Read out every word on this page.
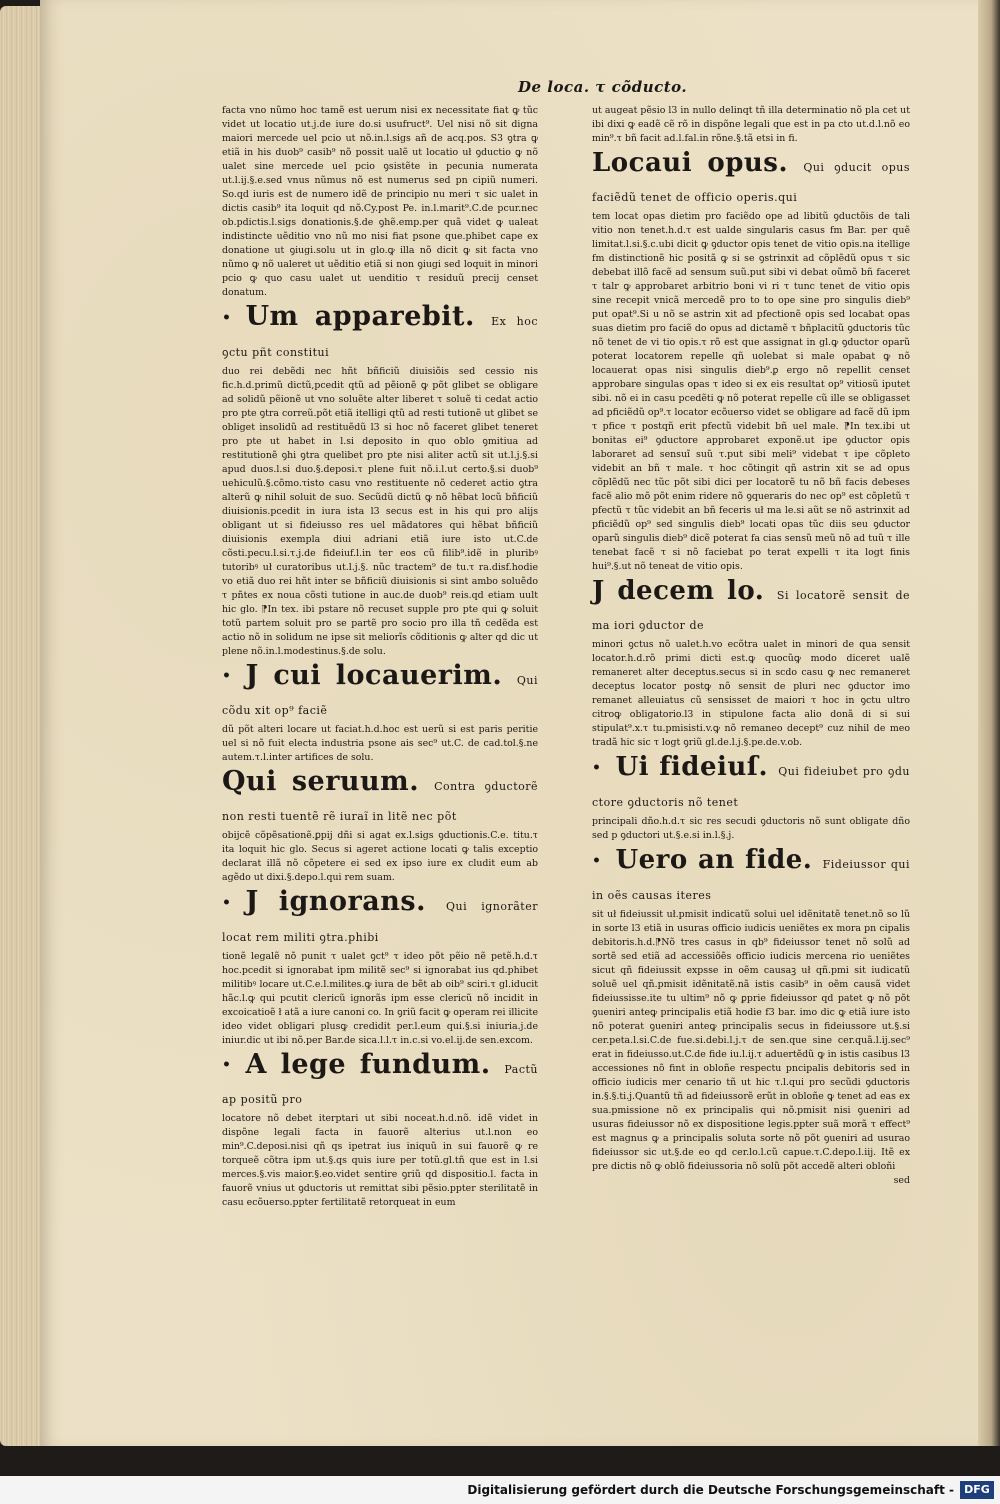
De loca. τ cõducto.

facta vno nũmo hoc tamẽ est uerum nisi ex necessitate fiat ꝙ tũc videt ut locatio ut.j.de iure do.si usufruct⁹. Uel nisi nõ sit digna maiori mercede uel pcio ut nõ.in.l.sigs añ de acq.pos. S3 ꝯtra ꝙ etiã in his duob⁹ casib⁹ nõ possit ualẽ ut locatio uł ꝯductio ꝙ nõ ualet sine mercede uel pcio ꝯsistẽte in pecunia numerata ut.l.ij.§.e.sed vnus nũmus nõ est numerus sed pn cipiũ numeri. So.qd iuris est de numero idẽ de principio nu meri τ sic ualet in dictis casib⁹ ita loquit qd nõ.Cy.post Pe. in.l.marit⁹.C.de pcur.nec ob.pdictis.l.sigs donationis.§.de ꝯhẽ.emp.per quã videt ꝙ ualeat indistincte uẽditio vno nũ mo nisi fiat psone que.phibet cape ex donatione ut ꝯiugi.solu ut in glo.ꝙ illa nõ dicit ꝙ sit facta vno nũmo ꝙ nõ ualeret ut uẽditio etiã si non ꝯiugi sed loquit in minori pcio ꝙ quo casu ualet ut uenditio τ residuũ precij censet donatum.

• Um apparebit. Ex hoc ꝯctu pñt constitui

duo rei debẽdi nec hñt bñficiũ diuisiõis sed cessio nis fic.h.d.primũ dictũ,pcedit qtũ ad pẽionẽ ꝙ põt glibet se obligare ad solidũ pẽionẽ ut vno soluẽte alter liberet τ soluẽ ti cedat actio pro pte ꝯtra correũ.põt etiã itelligi qtũ ad resti tutionẽ ut glibet se obliget insolidũ ad restituẽdũ l3 si hoc nõ faceret glibet teneret pro pte ut habet in l.si deposito in quo oblo ꝯmitiua ad restitutionẽ ꝯhi ꝯtra quelibet pro pte nisi aliter actũ sit ut.l.j.§.si apud duos.l.si duo.§.deposi.τ plene fuit nõ.i.l.ut certo.§.si duob⁹ uehiculũ.§.cõmo.τisto casu vno restituente nõ cederet actio ꝯtra alterũ ꝙ nihil soluit de suo. Secũdũ dictũ ꝙ nõ hẽbat locũ bñficiũ diuisionis.pcedit in iura ista l3 secus est in his qui pro alijs obligant ut si fideiusso res uel mãdatores qui hẽbat bñficiũ diuisionis exempla diui adriani etiã iure isto ut.C.de cõsti.pecu.l.si.τ.j.de fideiuf.l.in ter eos cũ filib⁹.idẽ in pluribꝰ tutoribꝰ uł curatoribus ut.l.j.§. nũc tractem⁹ de tu.τ ra.disf.hodie vo etiã duo rei hñt inter se bñficiũ diuisionis si sint ambo soluẽdo τ pñtes ex noua cõsti tutione in auc.de duob⁹ reis.qd etiam uult hic glo. ⁋In tex. ibi pstare nõ recuset supple pro pte qui ꝙ soluit totũ partem soluit pro se partẽ pro socio pro illa tñ cedẽda est actio nõ in solidum ne ipse sit meliorĩs cõditionis ꝙ alter qd dic ut plene nõ.in.l.modestinus.§.de solu.

• J cui locauerim. Qui cõdu xit op⁹ faciẽ

dũ põt alteri locare ut faciat.h.d.hoc est uerũ si est paris peritie uel si nõ fuit electa industria psone ais sec⁹ ut.C. de cad.tol.§.ne autem.τ.l.inter artifices de solu.

Qui seruum. Contra ꝯductorẽ non resti tuentẽ rẽ iuraĩ in litẽ nec põt

obijcẽ cõpẽsationẽ.ꝑpij dñi si agat ex.l.sigs ꝯductionis.C.e. titu.τ ita loquit hic glo. Secus si ageret actione locati ꝙ talis exceptio declarat illã nõ cõpetere ei sed ex ipso iure ex cludit eum ab agẽdo ut dixi.§.depo.l.qui rem suam.

• J ignorans. Qui ignorãter locat rem militi ꝯtra.phibi

tionẽ legalẽ nõ punit τ ualet ꝯct⁹ τ ideo põt pẽio nẽ petẽ.h.d.τ hoc.pcedit si ignorabat ipm militẽ sec⁹ si ignorabat ius qd.phibet militibꝰ locare ut.C.e.l.milites.ꝙ iura de bẽt ab oib⁹ sciri.τ gl.iducit hãc.l.ꝙ qui pcutit clericũ ignorãs ipm esse clericũ nõ incidit in excoicatioẽ ł atã a iure canoni co. In ꝯriũ facit ꝙ operam rei illicite ideo videt obligari plusꝙ credidit per.l.eum qui.§.si iniuria.j.de iniur.dic ut ibi nõ.per Bar.de sica.l.l.τ in.c.si vo.el.ij.de sen.excom.

• A lege fundum. Pactũ ap positũ pro

locatore nõ debet iterptari ut sibi noceat.h.d.nõ. idẽ videt in dispõne legali facta in fauorẽ alterius ut.l.non eo min⁹.C.deposi.nisi qñ qs ipetrat ius iniquũ in sui fauorẽ ꝙ re torqueẽ cõtra ipm ut.§.qs quis iure per totũ.gl.tñ que est in l.si merces.§.vis maior.§.eo.videt sentire ꝯriũ qd dispositio.l. facta in fauorẽ vnius ut ꝯductoris ut remittat sibi pẽsio.ppter sterilitatẽ in casu ecõuerso.ppter fertilitatẽ retorqueat in eum

ut augeat pẽsio l3 in nullo delinqt tñ illa determinatio nõ pla cet ut ibi dixi ꝙ eadẽ cẽ rõ in dispõne legali que est in pa cto ut.d.l.nõ eo min⁹.τ bñ facit ad.l.fal.in rõne.§.tã etsi in fi.

Locaui opus. Qui ꝯducit opus faciẽdũ tenet de officio operis.qui

tem locat opas dietim pro faciẽdo ope ad libitũ ꝯductõis de tali vitio non tenet.h.d.τ est ualde singularis casus fm Bar. per quẽ limitat.l.si.§.c.ubi dicit ꝙ ꝯductor opis tenet de vitio opis.na itellige fm distinctionẽ hic positã ꝙ si se ꝯstrinxit ad cõplẽdũ opus τ sic debebat illõ facẽ ad sensum suũ.put sibi vi debat oũmõ bñ faceret τ talr ꝙ approbaret arbitrio boni vi ri τ tunc tenet de vitio opis sine recepit vnicã mercedẽ pro to to ope sine pro singulis dieb⁹ put opat⁹.Si u nõ se astrin xit ad pfectionẽ opis sed locabat opas suas dietim pro faciẽ do opus ad dictamẽ τ bñplacitũ ꝯductoris tũc nõ tenet de vi tio opis.τ rõ est que assignat in gl.ꝙ ꝯductor oparũ poterat locatorem repelle qñ uolebat si male opabat ꝙ nõ locauerat opas nisi singulis dieb⁹.ꝑ ergo nõ repellit censet approbare singulas opas τ ideo si ex eis resultat op⁹ vitiosũ iputet sibi. nõ ei in casu pcedẽti ꝙ nõ poterat repelle cũ ille se obligasset ad pficiẽdũ op⁹.τ locator ecõuerso videt se obligare ad facẽ dũ ipm τ pfice τ postqñ erit pfectũ videbit bñ uel male. ⁋In tex.ibi ut bonitas ei⁹ ꝯductore approbaret exponẽ.ut ipe ꝯductor opis laboraret ad sensuĩ suũ τ.put sibi meli⁹ videbat τ ipe cõpleto videbit an bñ τ male. τ hoc cõtingit qñ astrin xit se ad opus cõplẽdũ nec tũc põt sibi dici per locatorẽ tu nõ bñ facis debeses facẽ alio mõ põt enim ridere nõ ꝯqueraris do nec op⁹ est cõpletũ τ pfectũ τ tũc videbit an bñ feceris uł ma le.si aũt se nõ astrinxit ad pficiẽdũ op⁹ sed singulis dieb⁹ locati opas tũc diis seu ꝯductor oparũ singulis dieb⁹ dicẽ poterat fa cias sensũ meũ nõ ad tuũ τ ille tenebat facẽ τ si nõ faciebat po terat expelli τ ita logt finis hui⁹.§.ut nõ teneat de vitio opis.

J decem lo. Si locatorẽ sensit de ma iori ꝯductor de

minori ꝯctus nõ ualet.h.vo ecõtra ualet in minori de qua sensit locator.h.d.rõ primi dicti est.ꝙ quocũꝙ modo diceret ualẽ remaneret alter deceptus.secus si in scdo casu ꝙ nec remaneret deceptus locator postꝙ nõ sensit de pluri nec ꝯductor imo remanet alleuiatus cũ sensisset de maiori τ hoc in ꝯctu ultro citroꝙ obligatorio.l3 in stipulone facta alio donã di si sui stipulat⁹.x.τ tu.pmisisti.v.ꝙ nõ remaneo decept⁹ cuz nihil de meo tradã hic sic τ logt ꝯriũ gl.de.l.j.§.pe.de.v.ob.

• Ui fideiuſ. Qui fideiubet pro ꝯdu ctore ꝯductoris nõ tenet

principali dño.h.d.τ sic res secudi ꝯductoris nõ sunt obligate dño sed p ꝯductori ut.§.e.si in.l.§.j.

• Uero an fide. Fideiussor qui in oẽs causas iteres

sit uł fideiussit uł.pmisit indicatũ solui uel idẽnitatẽ tenet.nõ so lũ in sorte l3 etiã in usuras officio iudicis ueniẽtes ex mora pn cipalis debitoris.h.d.⁋Nõ tres casus in qb⁹ fideiussor tenet nõ solũ ad sortẽ sed etiã ad accessiõẽs officio iudicis mercena rio ueniẽtes sicut qñ fideiussit expsse in oẽm causaꝫ uł qñ.pmi sit iudicatũ soluẽ uel qñ.pmisit idẽnitatẽ.nã istis casib⁹ in oẽm causã videt fideiussisse.ite tu ultim⁹ nõ ꝙ ꝑprie fideiussor qd patet ꝙ nõ põt ꝯueniri anteꝙ principalis etiã hodie f3 bar. imo dic ꝙ etiã iure isto nõ poterat ꝯueniri anteꝙ principalis secus in fideiussore ut.§.si cer.peta.l.si.C.de fue.si.debi.l.j.τ de sen.que sine cer.quã.l.ij.sec⁹ erat in fideiusso.ut.C.de fide iu.l.ij.τ aduertẽdũ ꝙ in istis casibus l3 accessiones nõ fint in obloñe respectu pncipalis debitoris sed in officio iudicis mer cenario tñ ut hic τ.l.qui pro secũdi ꝯductoris in.§.§.ti.j.Quantũ tñ ad fideiussorẽ erũt in obloñe ꝙ tenet ad eas ex sua.pmissione nõ ex principalis qui nõ.pmisit nisi ꝯueniri ad usuras fideiussor nõ ex dispositione legis.ppter suã morã τ effect⁹ est magnus ꝙ a principalis soluta sorte nõ põt ꝯueniri ad usurao fideiussor sic ut.§.de eo qd cer.lo.l.cũ capue.τ.C.depo.l.iij. Itẽ ex pre dictis nõ ꝙ oblõ fideiussoria nõ solũ põt accedẽ alteri obloñi

sed
Digitalisierung gefördert durch die Deutsche Forschungsgemeinschaft - DFG
